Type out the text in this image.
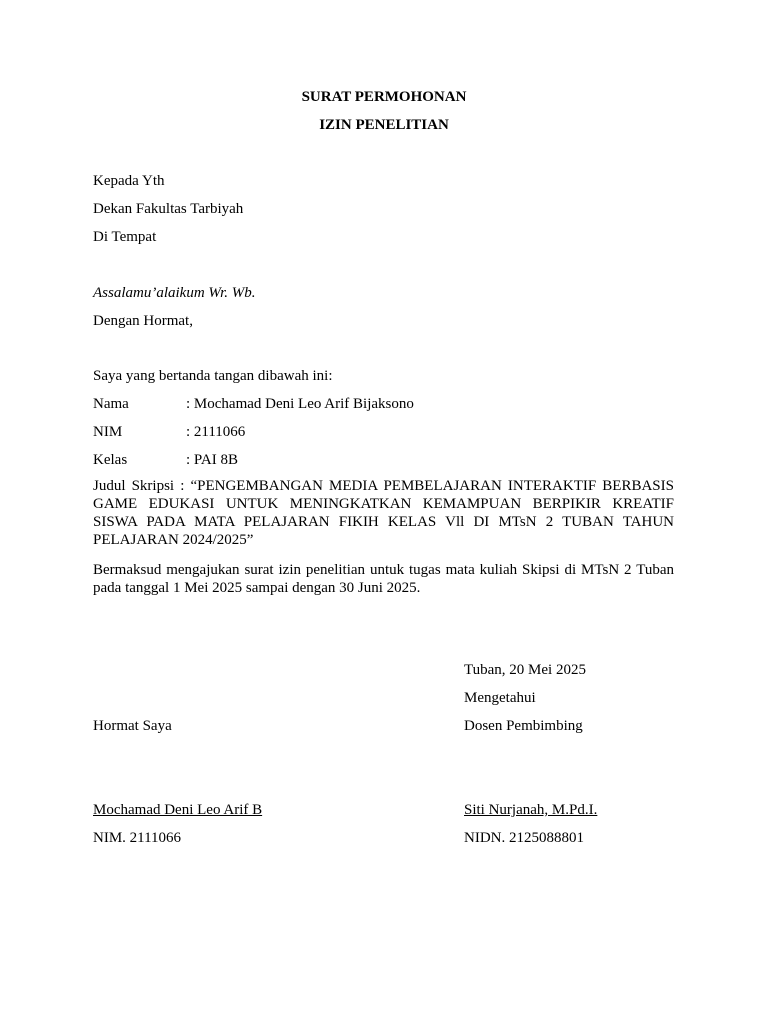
SURAT PERMOHONAN
IZIN PENELITIAN
Kepada Yth
Dekan Fakultas Tarbiyah
Di Tempat
Assalamu’alaikum Wr. Wb.
Dengan Hormat,
Saya yang bertanda tangan dibawah ini:
Nama	: Mochamad Deni Leo Arif Bijaksono
NIM	: 2111066
Kelas	: PAI 8B
Judul Skripsi : “PENGEMBANGAN MEDIA PEMBELAJARAN INTERAKTIF BERBASIS GAME EDUKASI UNTUK MENINGKATKAN KEMAMPUAN BERPIKIR KREATIF SISWA PADA MATA PELAJARAN FIKIH KELAS Vll DI MTsN 2 TUBAN TAHUN PELAJARAN 2024/2025”
Bermaksud mengajukan surat izin penelitian untuk tugas mata kuliah Skipsi di MTsN 2 Tuban pada tanggal 1 Mei 2025 sampai dengan 30 Juni 2025.
Tuban, 20 Mei 2025
Mengetahui
Hormat Saya	Dosen Pembimbing
Mochamad Deni Leo Arif B	Siti Nurjanah, M.Pd.I.
NIM. 2111066	NIDN. 2125088801
